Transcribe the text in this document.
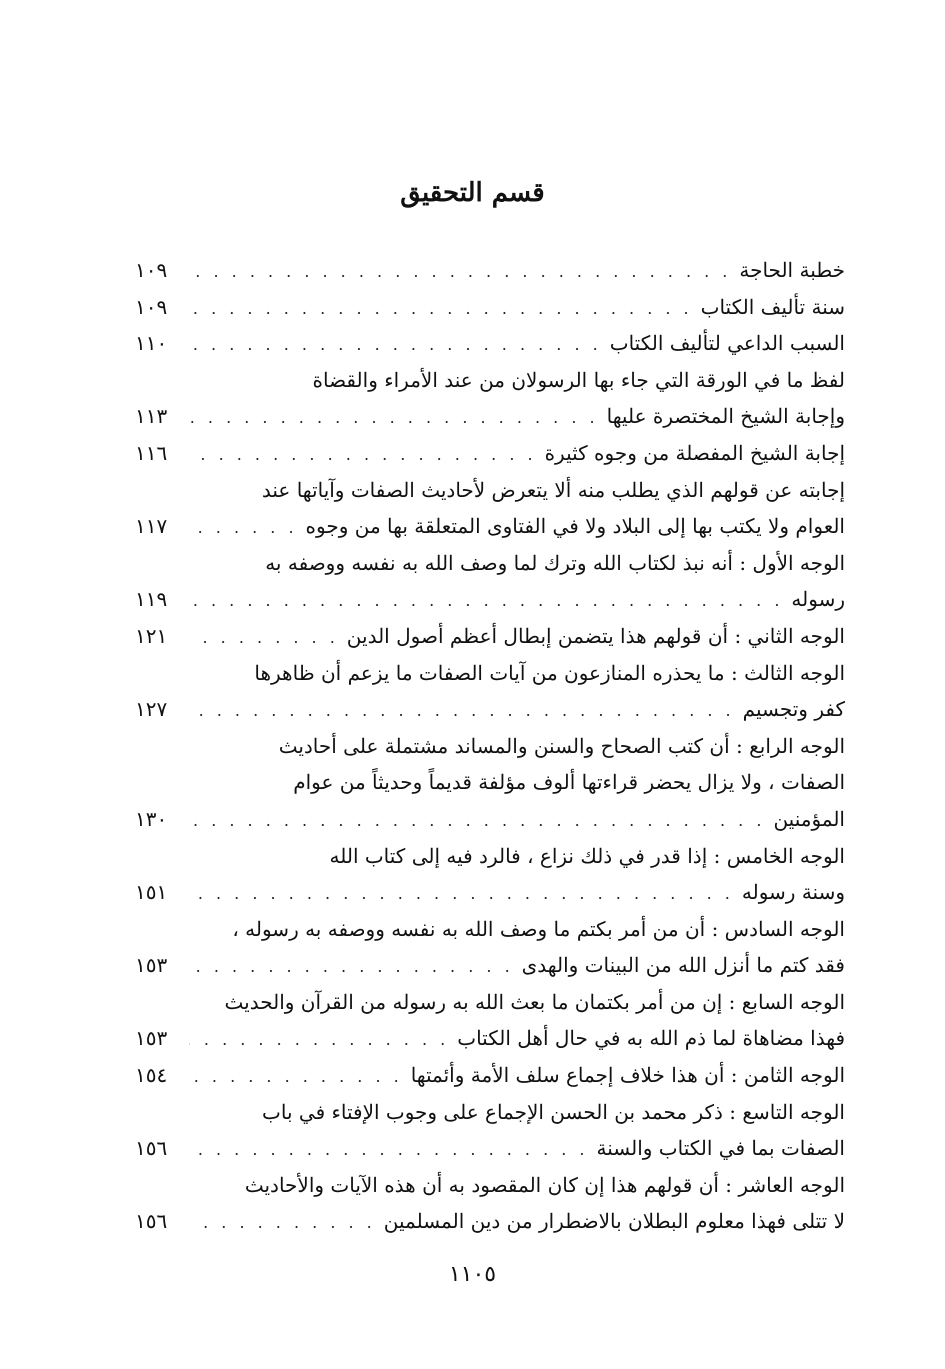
قسم التحقيق
خطبة الحاجة
. . .
١٠٩
سنة تأليف الكتاب
. . .
١٠٩
السبب الداعي لتأليف الكتاب
. . .
١١٠
لفظ ما في الورقة التي جاء بها الرسولان من عند الأمراء والقضاة
وإجابة الشيخ المختصرة عليها
. . .
١١٣
إجابة الشيخ المفصلة من وجوه كثيرة
. . .
١١٦
إجابته عن قولهم الذي يطلب منه ألا يتعرض لأحاديث الصفات وآياتها عند
العوام ولا يكتب بها إلى البلاد ولا في الفتاوى المتعلقة بها من وجوه
. . .
١١٧
الوجه الأول : أنه نبذ لكتاب الله وترك لما وصف الله به نفسه ووصفه به
رسوله
. . .
١١٩
الوجه الثاني : أن قولهم هذا يتضمن إبطال أعظم أصول الدين
. . .
١٢١
الوجه الثالث : ما يحذره المنازعون من آيات الصفات ما يزعم أن ظاهرها
كفر وتجسيم
. . .
١٢٧
الوجه الرابع : أن كتب الصحاح والسنن والمساند مشتملة على أحاديث
الصفات ، ولا يزال يحضر قراءتها ألوف مؤلفة قديماً وحديثاً من عوام
المؤمنين
. . .
١٣٠
الوجه الخامس : إذا قدر في ذلك نزاع ، فالرد فيه إلى كتاب الله
وسنة رسوله
. . .
١٥١
الوجه السادس : أن من أمر بكتم ما وصف الله به نفسه ووصفه به رسوله ،
فقد كتم ما أنزل الله من البينات والهدى
. . .
١٥٣
الوجه السابع : إن من أمر بكتمان ما بعث الله به رسوله من القرآن والحديث
فهذا مضاهاة لما ذم الله به في حال أهل الكتاب
. . .
١٥٣
الوجه الثامن : أن هذا خلاف إجماع سلف الأمة وأئمتها
. . .
١٥٤
الوجه التاسع : ذكر محمد بن الحسن الإجماع على وجوب الإفتاء في باب
الصفات بما في الكتاب والسنة
. . .
١٥٦
الوجه العاشر : أن قولهم هذا إن كان المقصود به أن هذه الآيات والأحاديث
لا تتلى فهذا معلوم البطلان بالاضطرار من دين المسلمين
. . .
١٥٦
١١٠٥
